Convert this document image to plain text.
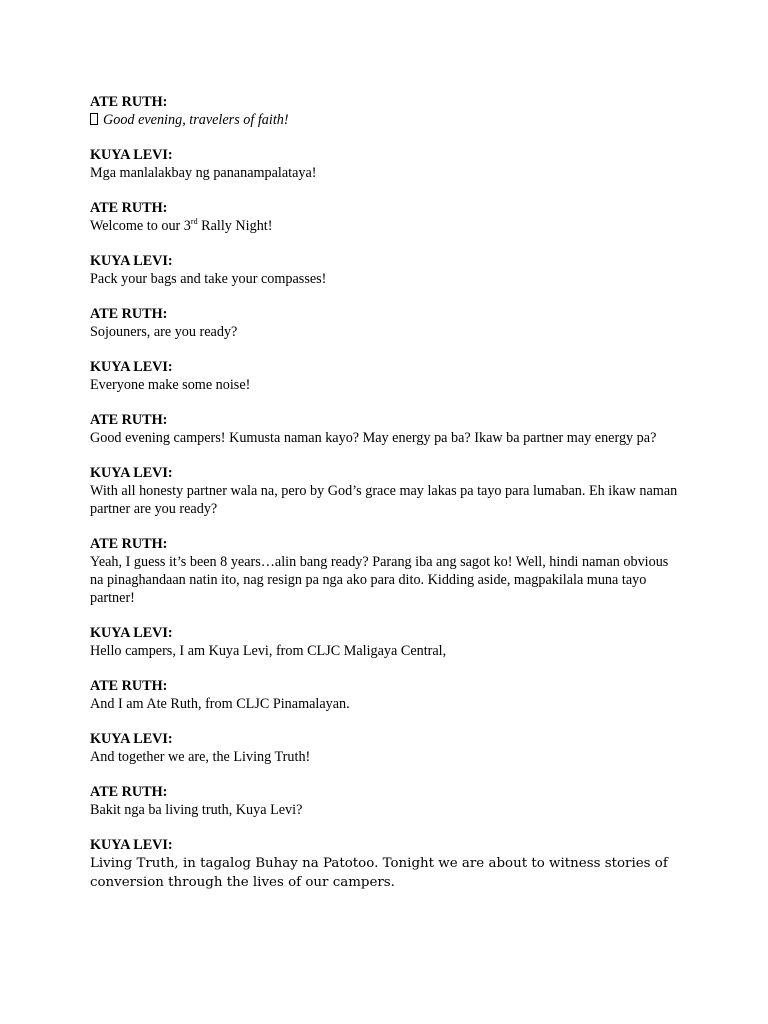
ATE RUTH:
Good evening, travelers of faith!
KUYA LEVI:
Mga manlalakbay ng pananampalataya!
ATE RUTH:
Welcome to our 3rd Rally Night!
KUYA LEVI:
Pack your bags and take your compasses!
ATE RUTH:
Sojouners, are you ready?
KUYA LEVI:
Everyone make some noise!
ATE RUTH:
Good evening campers! Kumusta naman kayo? May energy pa ba? Ikaw ba partner may energy pa?
KUYA LEVI:
With all honesty partner wala na, pero by God’s grace may lakas pa tayo para lumaban. Eh ikaw naman partner are you ready?
ATE RUTH:
Yeah, I guess it’s been 8 years…alin bang ready? Parang iba ang sagot ko! Well, hindi naman obvious na pinaghandaan natin ito, nag resign pa nga ako para dito. Kidding aside, magpakilala muna tayo partner!
KUYA LEVI:
Hello campers, I am Kuya Levi, from CLJC Maligaya Central,
ATE RUTH:
And I am Ate Ruth, from CLJC Pinamalayan.
KUYA LEVI:
And together we are, the Living Truth!
ATE RUTH:
Bakit nga ba living truth, Kuya Levi?
KUYA LEVI:
Living Truth, in tagalog Buhay na Patotoo. Tonight we are about to witness stories of conversion through the lives of our campers.
